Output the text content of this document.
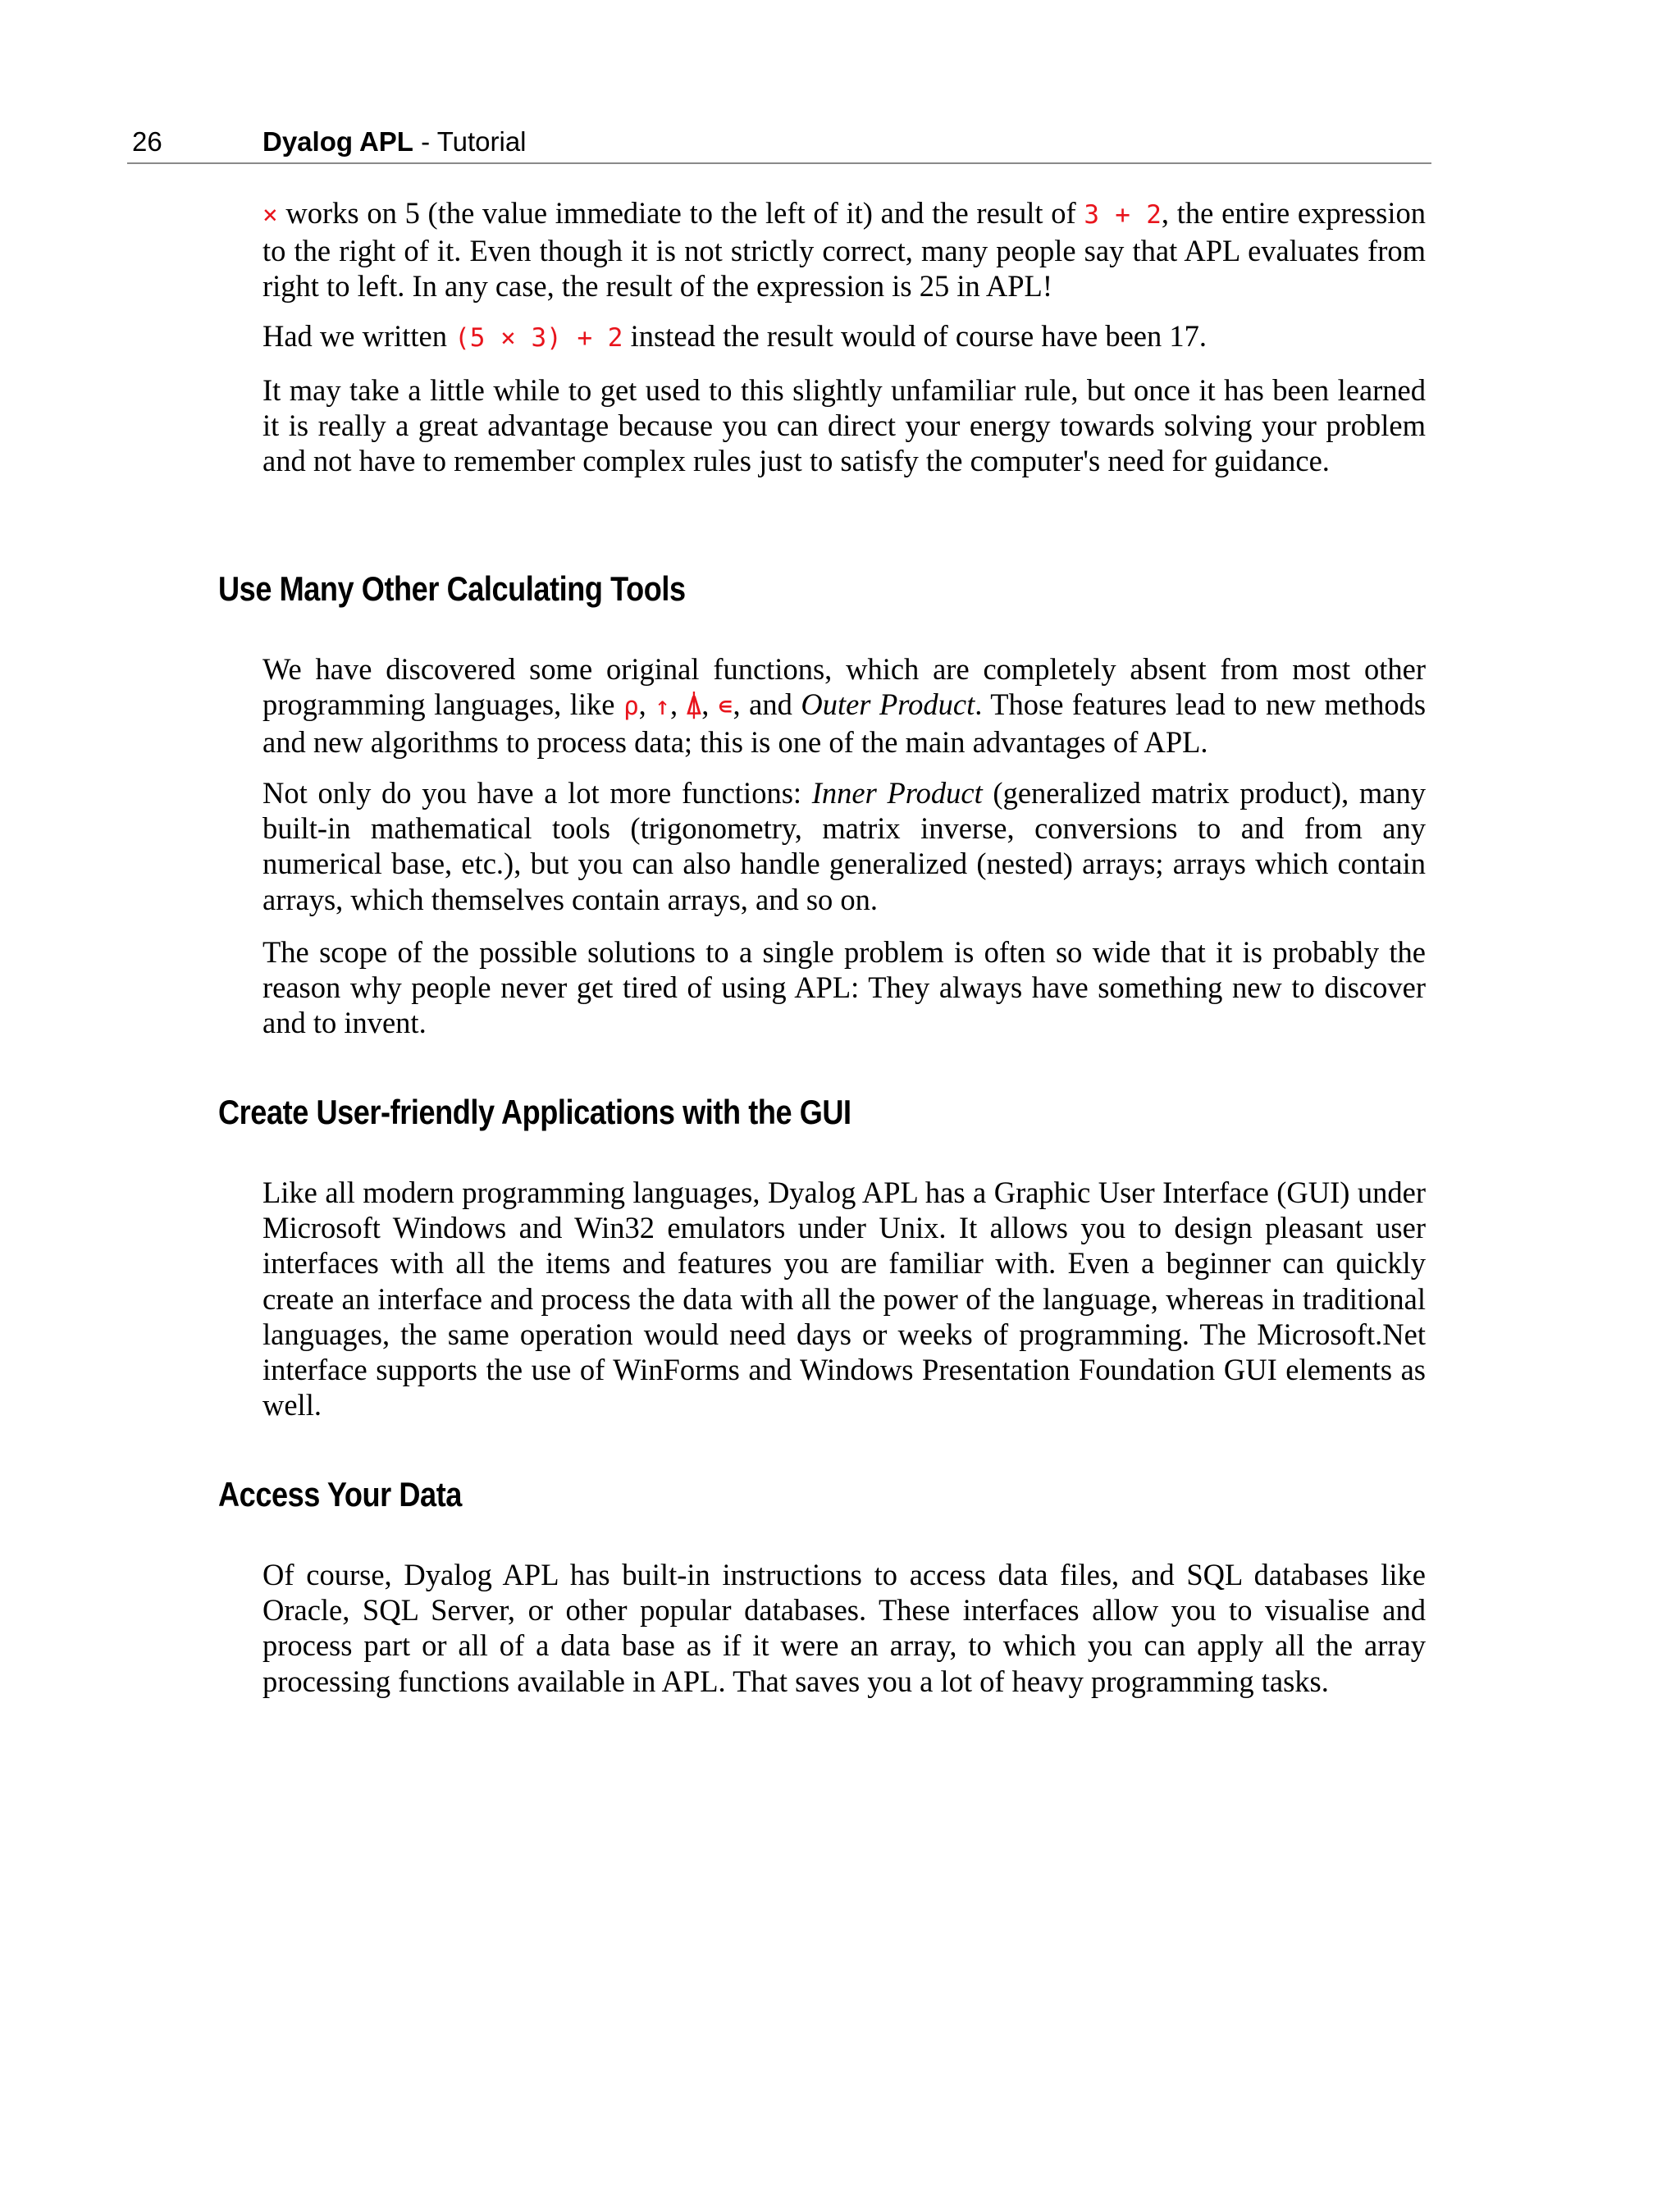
26	Dyalog APL - Tutorial

× works on 5 (the value immediate to the left of it) and the result of 3 + 2, the entire expression to the right of it. Even though it is not strictly correct, many people say that APL evaluates from right to left. In any case, the result of the expression is 25 in APL!

Had we written (5 × 3) + 2 instead the result would of course have been 17.

It may take a little while to get used to this slightly unfamiliar rule, but once it has been learned it is really a great advantage because you can direct your energy towards solving your problem and not have to remember complex rules just to satisfy the computer's need for guidance.

Use Many Other Calculating Tools

We have discovered some original functions, which are completely absent from most other programming languages, like ⍴, ↑, ⍋, ∊, and Outer Product. Those features lead to new methods and new algorithms to process data; this is one of the main advantages of APL.

Not only do you have a lot more functions: Inner Product (generalized matrix product), many built-in mathematical tools (trigonometry, matrix inverse, conversions to and from any numerical base, etc.), but you can also handle generalized (nested) arrays; arrays which contain arrays, which themselves contain arrays, and so on.

The scope of the possible solutions to a single problem is often so wide that it is probably the reason why people never get tired of using APL: They always have something new to discover and to invent.

Create User-friendly Applications with the GUI

Like all modern programming languages, Dyalog APL has a Graphic User Interface (GUI) under Microsoft Windows and Win32 emulators under Unix. It allows you to design pleasant user interfaces with all the items and features you are familiar with. Even a beginner can quickly create an interface and process the data with all the power of the language, whereas in traditional languages, the same operation would need days or weeks of programming. The Microsoft.Net interface supports the use of WinForms and Windows Presentation Foundation GUI elements as well.

Access Your Data

Of course, Dyalog APL has built-in instructions to access data files, and SQL databases like Oracle, SQL Server, or other popular databases. These interfaces allow you to visualise and process part or all of a data base as if it were an array, to which you can apply all the array processing functions available in APL. That saves you a lot of heavy programming tasks.
